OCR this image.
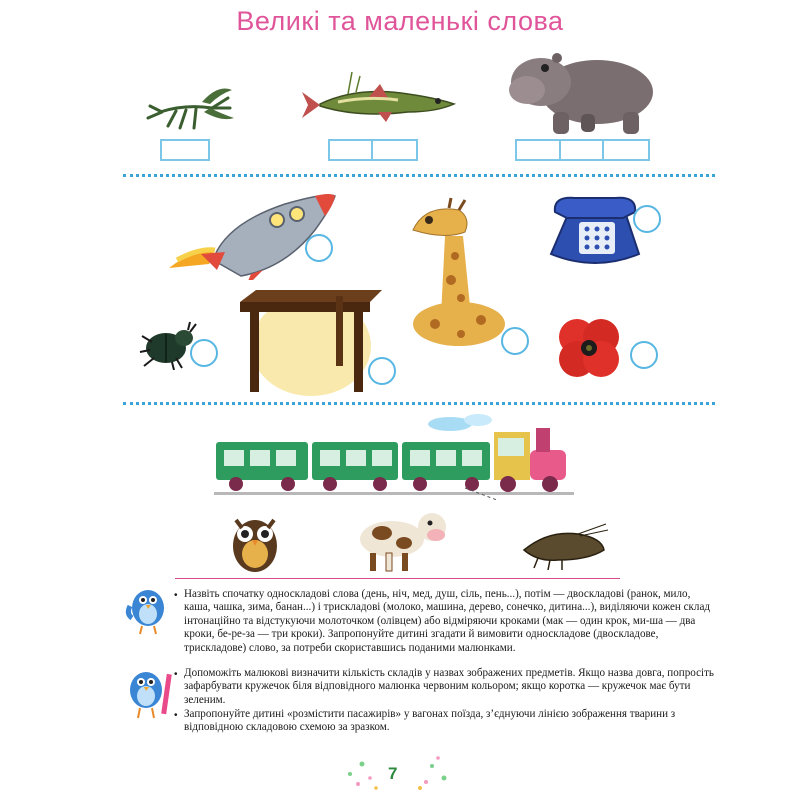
Великі та маленькі слова
• Назвіть спочатку односкладові слова (день, ніч, мед, душ, сіль, пень...), потім — двоскладові (ранок, мило, каша, чашка, зима, банан...) і трискладові (молоко, машина, дерево, сонечко, дитина...), виділяючи кожен склад інтонаційно та відстукуючи молоточком (олівцем) або відміряючи кроками (мак — один крок, ми-ша — два кроки, бе-ре-за — три кроки). Запропонуйте дитині згадати й вимовити односкладове (двоскладове, трискладове) слово, за потреби скориставшись поданими малюнками.

• Допоможіть малюкові визначити кількість складів у назвах зображених предметів. Якщо назва довга, попросіть зафарбувати кружечок біля відповідного малюнка червоним кольором; якщо коротка — кружечок має бути зеленим.

• Запропонуйте дитині «розмістити пасажирів» у вагонах поїзда, з’єднуючи лінією зображення тварини з відповідною складовою схемою за зразком.

7
